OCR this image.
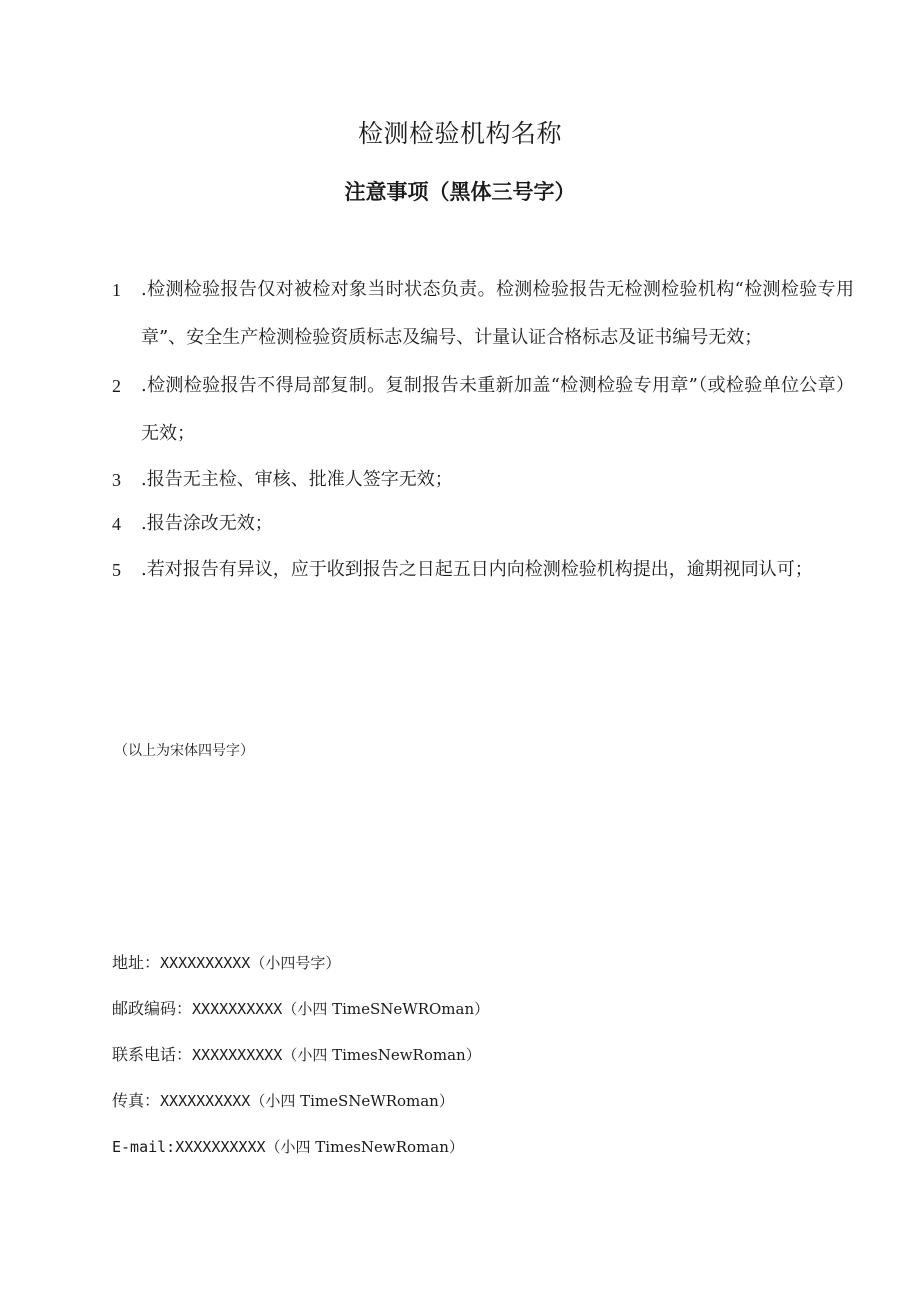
检测检验机构名称
注意事项（黑体三号字）
1	.检测检验报告仅对被检对象当时状态负责。检测检验报告无检测检验机构“检测检验专用章”、安全生产检测检验资质标志及编号、计量认证合格标志及证书编号无效；
2	.检测检验报告不得局部复制。复制报告未重新加盖“检测检验专用章”（或检验单位公章）无效；
3	.报告无主检、审核、批准人签字无效；
4	.报告涂改无效；
5	.若对报告有异议，应于收到报告之日起五日内向检测检验机构提出，逾期视同认可；
（以上为宋体四号字）
地址：XXXXXXXXXX（小四号字）
邮政编码：XXXXXXXXXX（小四 TimeSNeWROman）
联系电话：XXXXXXXXXX（小四 TimesNewRoman）
传真：XXXXXXXXXX（小四 TimeSNeWRoman）
E-mail:XXXXXXXXXX（小四 TimesNewRoman）
